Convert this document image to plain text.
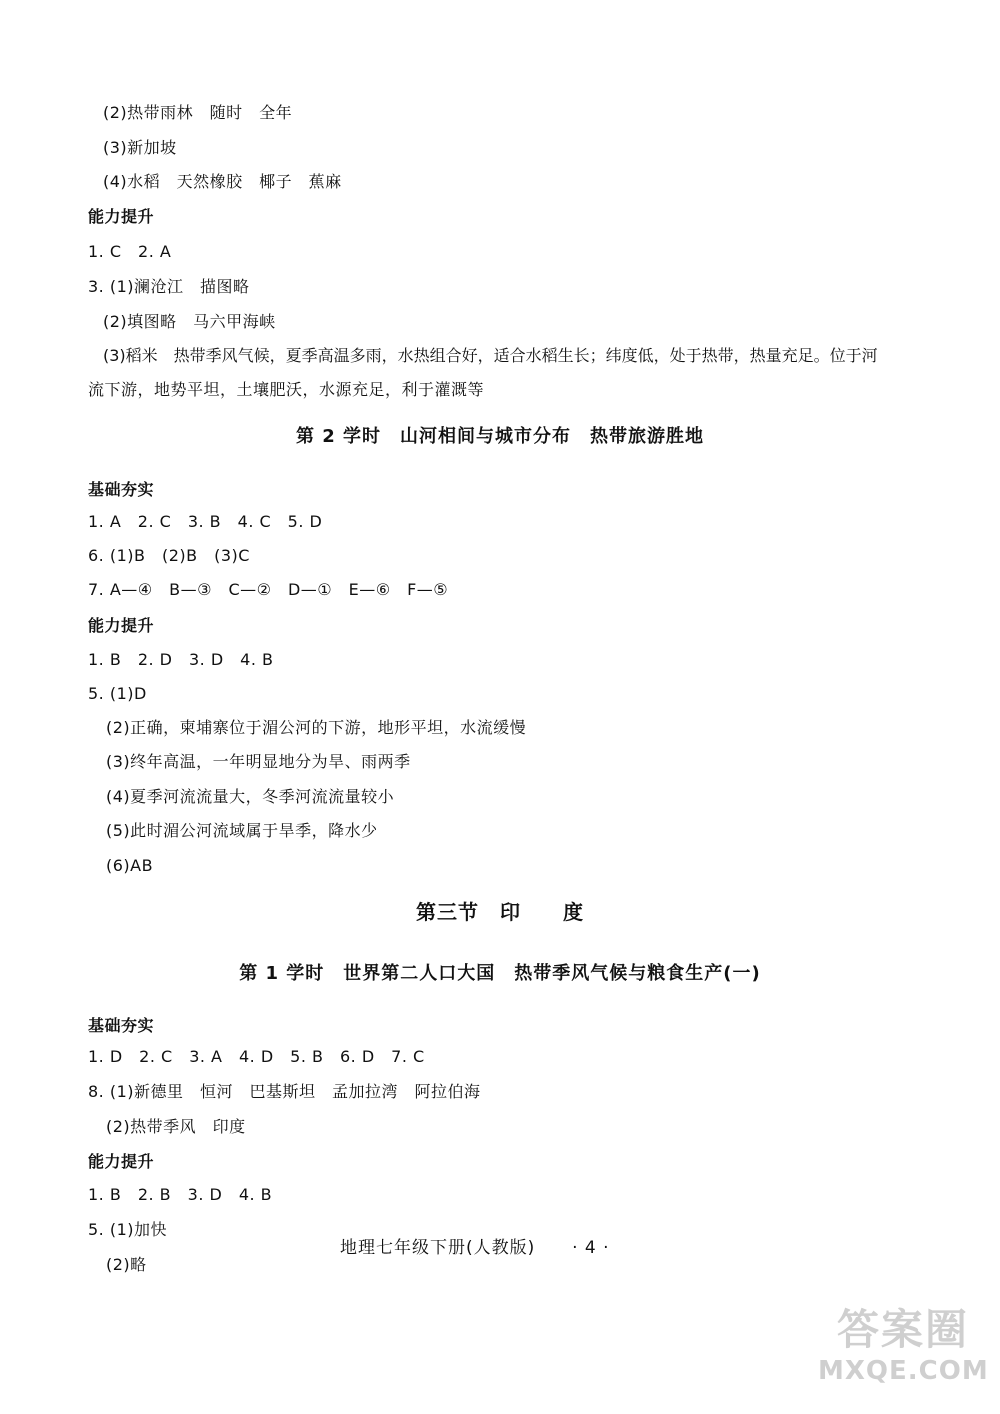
(2)热带雨林　随时　全年
(3)新加坡
(4)水稻　天然橡胶　椰子　蕉麻
能力提升
1. C　2. A
3. (1)澜沧江　描图略
(2)填图略　马六甲海峡
(3)稻米　热带季风气候，夏季高温多雨，水热组合好，适合水稻生长；纬度低，处于热带，热量充足。位于河
流下游，地势平坦，土壤肥沃，水源充足，利于灌溉等
第 2 学时　山河相间与城市分布　热带旅游胜地
基础夯实
1. A　2. C　3. B　4. C　5. D
6. (1)B　(2)B　(3)C
7. A—④　B—③　C—②　D—①　E—⑥　F—⑤
能力提升
1. B　2. D　3. D　4. B
5. (1)D
(2)正确，柬埔寨位于湄公河的下游，地形平坦，水流缓慢
(3)终年高温，一年明显地分为旱、雨两季
(4)夏季河流流量大，冬季河流流量较小
(5)此时湄公河流域属于旱季，降水少
(6)AB
第三节　印　　度
第 1 学时　世界第二人口大国　热带季风气候与粮食生产(一)
基础夯实
1. D　2. C　3. A　4. D　5. B　6. D　7. C
8. (1)新德里　恒河　巴基斯坦　孟加拉湾　阿拉伯海
(2)热带季风　印度
能力提升
1. B　2. B　3. D　4. B
5. (1)加快
(2)略
地理七年级下册(人教版) · 4 ·
答案圈
MXQE.COM
